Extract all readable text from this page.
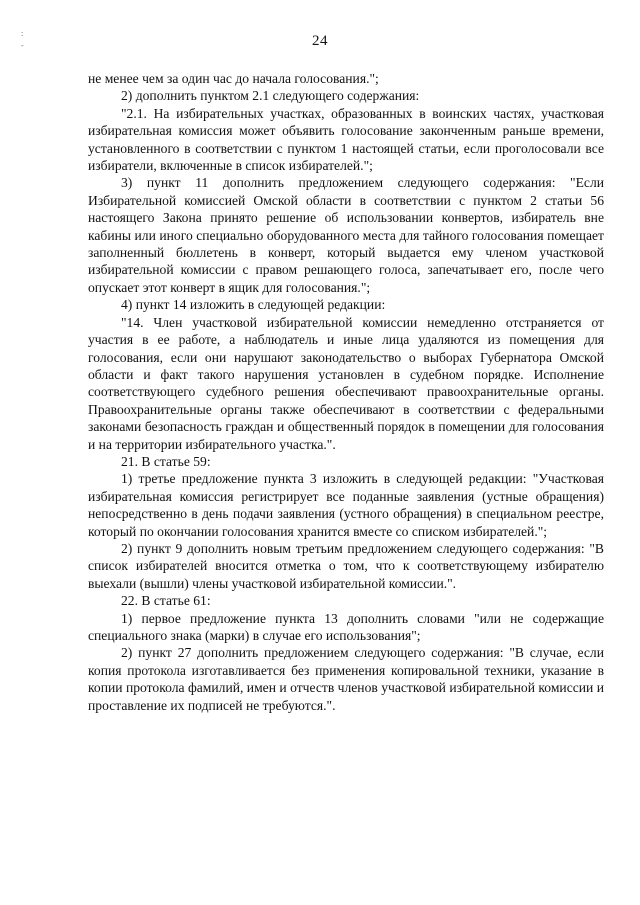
:
-	24

не менее чем за один час до начала голосования.";

2) дополнить пунктом 2.1 следующего содержания:

"2.1. На избирательных участках, образованных в воинских частях, участковая избирательная комиссия может объявить голосование законченным раньше времени, установленного в соответствии с пунктом 1 настоящей статьи, если проголосовали все избиратели, включенные в список избирателей.";

3) пункт 11 дополнить предложением следующего содержания: "Если Избирательной комиссией Омской области в соответствии с пунктом 2 статьи 56 настоящего Закона принято решение об использовании конвертов, избиратель вне кабины или иного специально оборудованного места для тайного голосования помещает заполненный бюллетень в конверт, который выдается ему членом участковой избирательной комиссии с правом решающего голоса, запечатывает его, после чего опускает этот конверт в ящик для голосования.";

4) пункт 14 изложить в следующей редакции:

"14. Член участковой избирательной комиссии немедленно отстраняется от участия в ее работе, а наблюдатель и иные лица удаляются из помещения для голосования, если они нарушают законодательство о выборах Губернатора Омской области и факт такого нарушения установлен в судебном порядке. Исполнение соответствующего судебного решения обеспечивают правоохранительные органы. Правоохранительные органы также обеспечивают в соответствии с федеральными законами безопасность граждан и общественный порядок в помещении для голосования и на территории избирательного участка.".

21. В статье 59:

1) третье предложение пункта 3 изложить в следующей редакции: "Участковая избирательная комиссия регистрирует все поданные заявления (устные обращения) непосредственно в день подачи заявления (устного обращения) в специальном реестре, который по окончании голосования хранится вместе со списком избирателей.";

2) пункт 9 дополнить новым третьим предложением следующего содержания: "В список избирателей вносится отметка о том, что к соответствующему избирателю выехали (вышли) члены участковой избирательной комиссии.".

22. В статье 61:

1) первое предложение пункта 13 дополнить словами "или не содержащие специального знака (марки) в случае его использования";

2) пункт 27 дополнить предложением следующего содержания: "В случае, если копия протокола изготавливается без применения копировальной техники, указание в копии протокола фамилий, имен и отчеств членов участковой избирательной комиссии и проставление их подписей не требуются.".
